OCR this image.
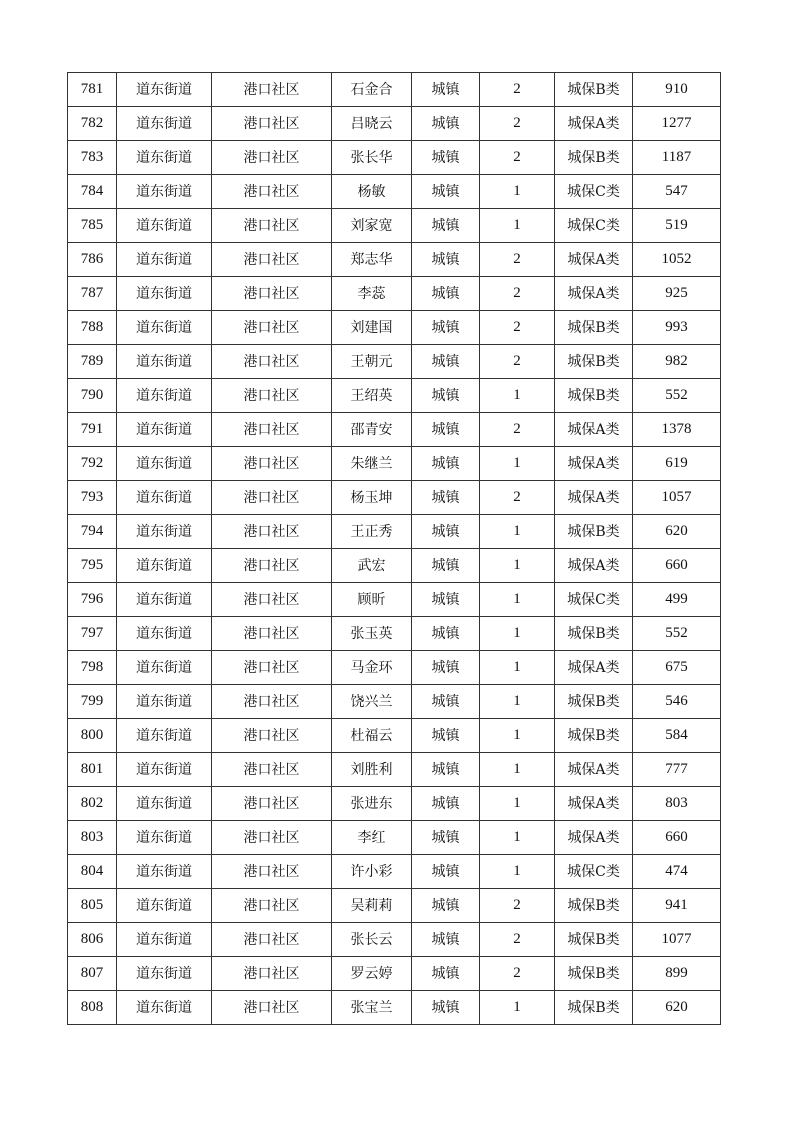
781	道东街道	港口社区	石金合	城镇	2	城保B类	910
782	道东街道	港口社区	吕晓云	城镇	2	城保A类	1277
783	道东街道	港口社区	张长华	城镇	2	城保B类	1187
784	道东街道	港口社区	杨敏	城镇	1	城保C类	547
785	道东街道	港口社区	刘家宽	城镇	1	城保C类	519
786	道东街道	港口社区	郑志华	城镇	2	城保A类	1052
787	道东街道	港口社区	李蕊	城镇	2	城保A类	925
788	道东街道	港口社区	刘建国	城镇	2	城保B类	993
789	道东街道	港口社区	王朝元	城镇	2	城保B类	982
790	道东街道	港口社区	王绍英	城镇	1	城保B类	552
791	道东街道	港口社区	邵青安	城镇	2	城保A类	1378
792	道东街道	港口社区	朱继兰	城镇	1	城保A类	619
793	道东街道	港口社区	杨玉坤	城镇	2	城保A类	1057
794	道东街道	港口社区	王正秀	城镇	1	城保B类	620
795	道东街道	港口社区	武宏	城镇	1	城保A类	660
796	道东街道	港口社区	顾昕	城镇	1	城保C类	499
797	道东街道	港口社区	张玉英	城镇	1	城保B类	552
798	道东街道	港口社区	马金环	城镇	1	城保A类	675
799	道东街道	港口社区	饶兴兰	城镇	1	城保B类	546
800	道东街道	港口社区	杜福云	城镇	1	城保B类	584
801	道东街道	港口社区	刘胜利	城镇	1	城保A类	777
802	道东街道	港口社区	张进东	城镇	1	城保A类	803
803	道东街道	港口社区	李红	城镇	1	城保A类	660
804	道东街道	港口社区	许小彩	城镇	1	城保C类	474
805	道东街道	港口社区	吴莉莉	城镇	2	城保B类	941
806	道东街道	港口社区	张长云	城镇	2	城保B类	1077
807	道东街道	港口社区	罗云婷	城镇	2	城保B类	899
808	道东街道	港口社区	张宝兰	城镇	1	城保B类	620
